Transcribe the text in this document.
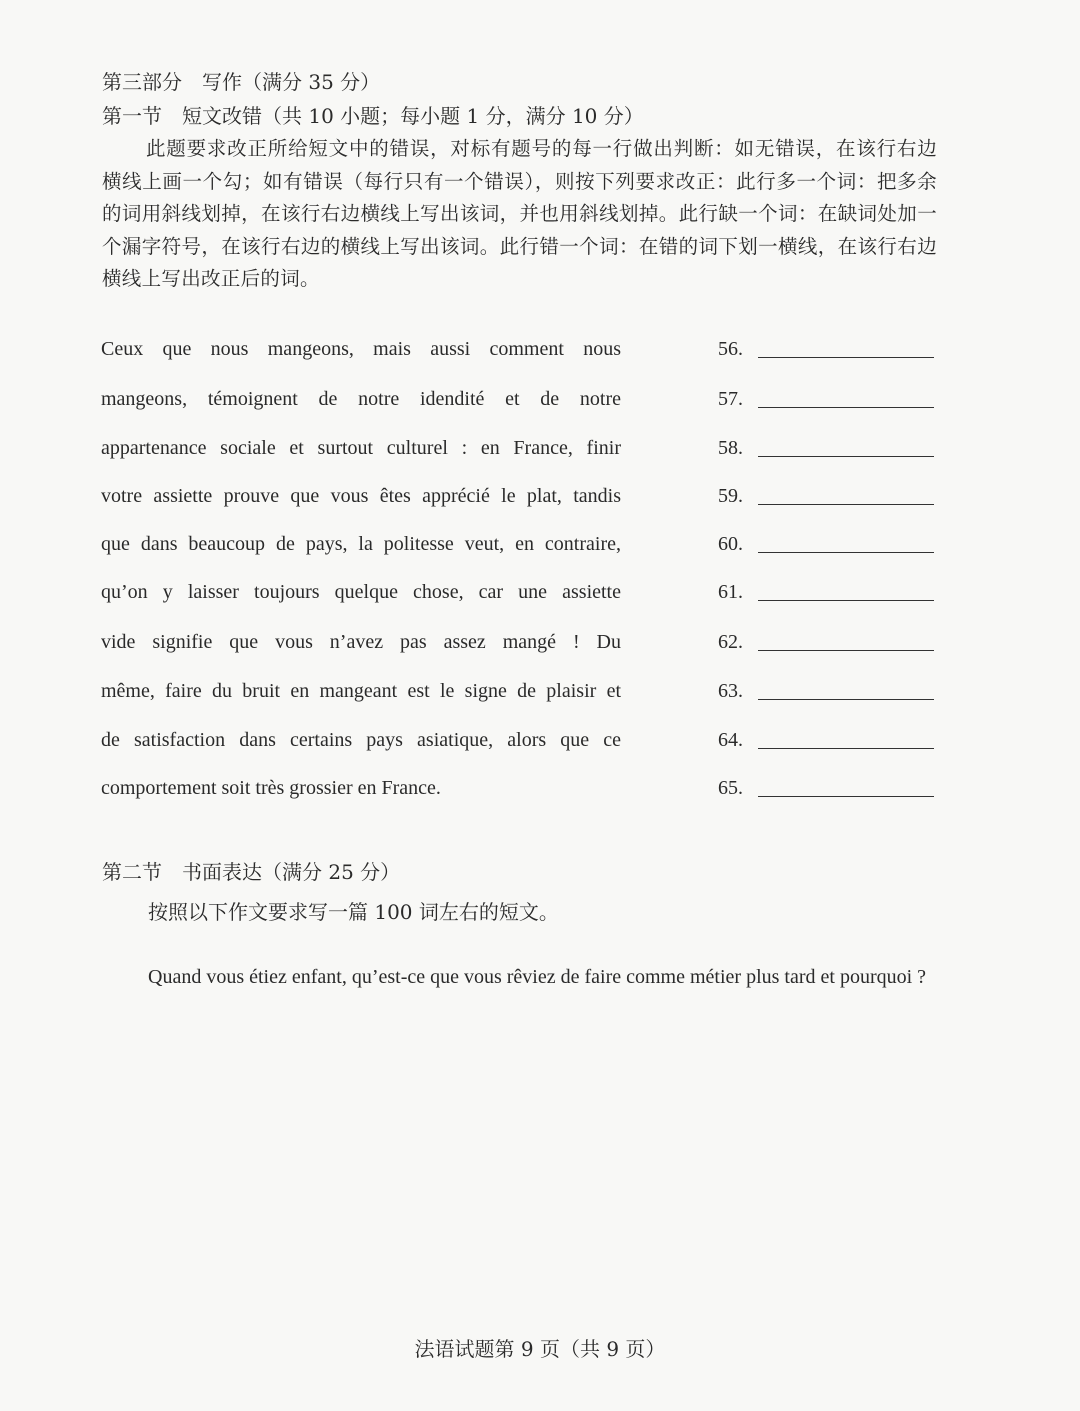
第三部分　写作（满分 35 分）
第一节　短文改错（共 10 小题；每小题 1 分，满分 10 分）
此题要求改正所给短文中的错误，对标有题号的每一行做出判断：如无错误，在该行右边横线上画一个勾；如有错误（每行只有一个错误），则按下列要求改正：此行多一个词：把多余的词用斜线划掉，在该行右边横线上写出该词，并也用斜线划掉。此行缺一个词：在缺词处加一个漏字符号，在该行右边的横线上写出该词。此行错一个词：在错的词下划一横线，在该行右边横线上写出改正后的词。
Ceux que nous mangeons, mais aussi comment nous
mangeons, témoignent de notre idendité et de notre
appartenance sociale et surtout culturel : en France, finir
votre assiette prouve que vous êtes apprécié le plat, tandis
que dans beaucoup de pays, la politesse veut, en contraire,
qu’on y laisser toujours quelque chose, car une assiette
vide signifie que vous n’avez pas assez mangé ! Du
même, faire du bruit en mangeant est le signe de plaisir et
de satisfaction dans certains pays asiatique, alors que ce
comportement soit très grossier en France.
56.
57.
58.
59.
60.
61.
62.
63.
64.
65.
第二节　书面表达（满分 25 分）
按照以下作文要求写一篇 100 词左右的短文。
Quand vous étiez enfant, qu’est-ce que vous rêviez de faire comme métier plus tard et pourquoi ?
法语试题第 9 页（共 9 页）
